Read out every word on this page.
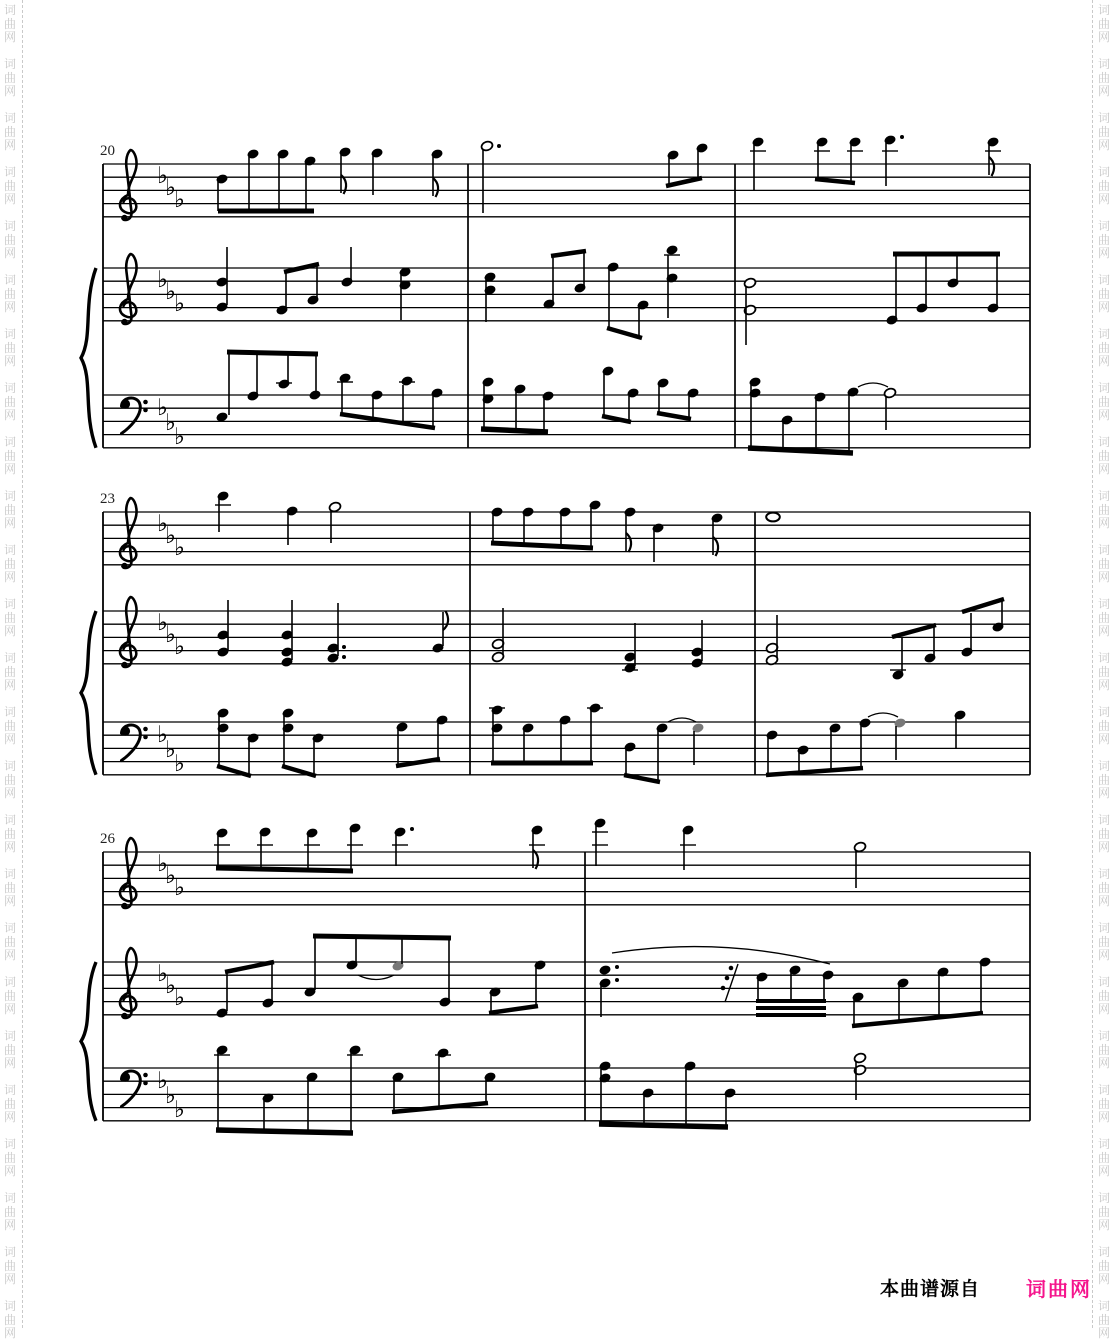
词
曲
网
词
曲
网
词
曲
网
词
曲
网
词
曲
网
词
曲
网
词
曲
网
词
曲
网
词
曲
网
词
曲
网
词
曲
网
词
曲
网
词
曲
网
词
曲
网
词
曲
网
词
曲
网
词
曲
网
词
曲
网
词
曲
网
词
曲
网
词
曲
网
词
曲
网
词
曲
网
词
曲
网
词
曲
网
词
曲
网
词
曲
网
词
曲
网
词
曲
网
词
曲
网
词
曲
网
词
曲
网
词
曲
网
词
曲
网
词
曲
网
词
曲
网
词
曲
网
词
曲
网
词
曲
网
词
曲
网
词
曲
网
词
曲
网
词
曲
网
词
曲
网
词
曲
网
词
曲
网
词
曲
网
词
曲
网
词
曲
网
词
曲
网
♭
♭
♭
♭
♭
♭
♭
♭
♭
20
♭
♭
♭
♭
♭
♭
♭
♭
♭
23
♭
♭
♭
♭
♭
♭
♭
♭
♭
26
本曲谱源自 词曲网
